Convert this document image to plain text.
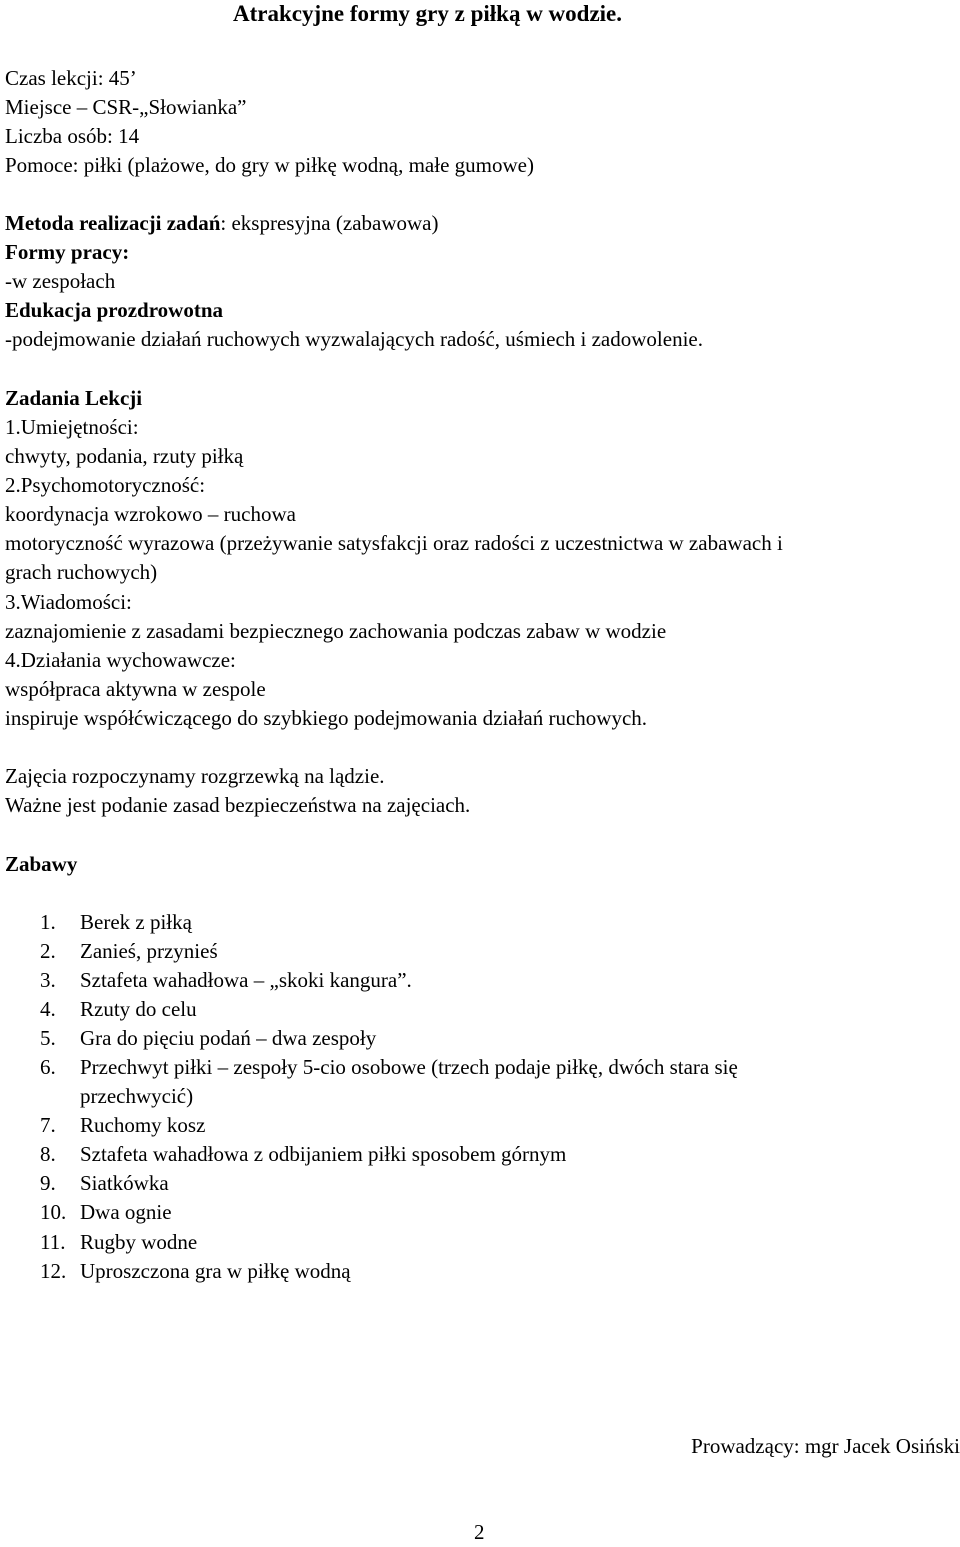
Atrakcyjne formy gry z piłką w wodzie.
Czas lekcji: 45’
Miejsce – CSR-„Słowianka”
Liczba osób: 14
Pomoce: piłki (plażowe, do gry w piłkę wodną, małe gumowe)
Metoda realizacji zadań: ekspresyjna (zabawowa)
Formy pracy:
-w zespołach
Edukacja prozdrowotna
-podejmowanie działań ruchowych wyzwalających radość, uśmiech i zadowolenie.
Zadania Lekcji
1.Umiejętności:
chwyty, podania, rzuty piłką
2.Psychomotoryczność:
koordynacja wzrokowo – ruchowa
motoryczność wyrazowa (przeżywanie satysfakcji oraz radości z uczestnictwa w zabawach i
grach ruchowych)
3.Wiadomości:
zaznajomienie z zasadami bezpiecznego zachowania podczas zabaw w wodzie
4.Działania wychowawcze:
współpraca aktywna w zespole
inspiruje współćwiczącego do szybkiego podejmowania działań ruchowych.
Zajęcia rozpoczynamy rozgrzewką na lądzie.
Ważne jest podanie zasad bezpieczeństwa na zajęciach.
Zabawy
1. Berek z piłką
2. Zanieś, przynieś
3. Sztafeta wahadłowa – „skoki kangura”.
4. Rzuty do celu
5. Gra do pięciu podań – dwa zespoły
6. Przechwyt piłki – zespoły 5-cio osobowe (trzech podaje piłkę, dwóch stara się
przechwycić)
7. Ruchomy kosz
8. Sztafeta wahadłowa z odbijaniem piłki sposobem górnym
9. Siatkówka
10. Dwa ognie
11. Rugby wodne
12. Uproszczona gra w piłkę wodną
Prowadzący: mgr Jacek Osiński
2
